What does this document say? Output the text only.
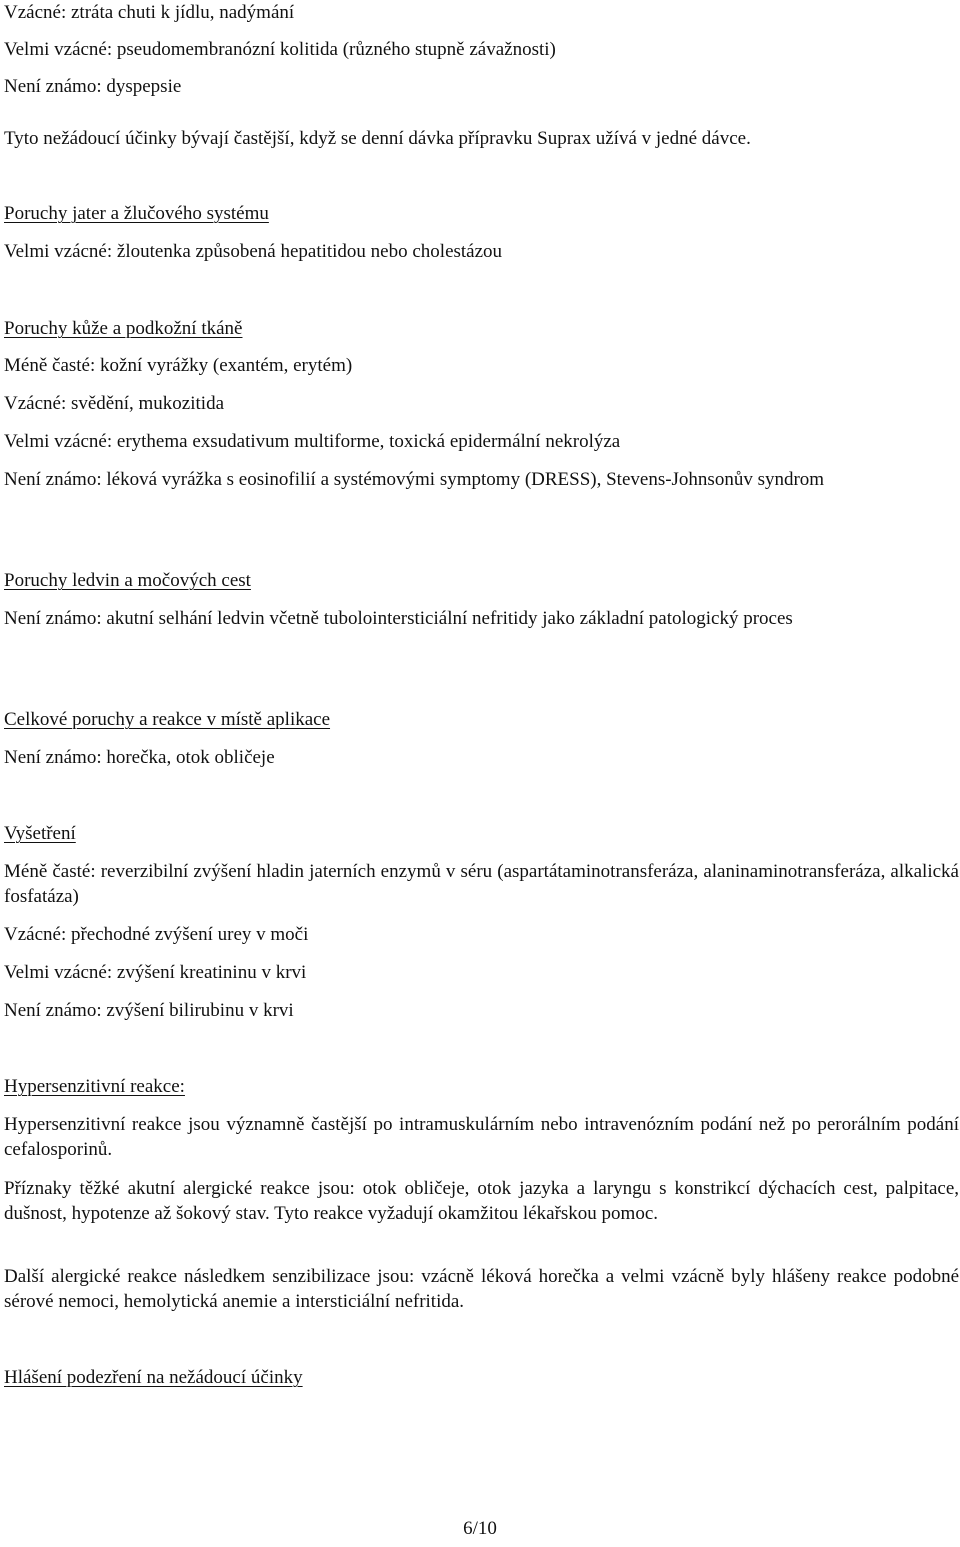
Vzácné: ztráta chuti k jídlu, nadýmání
Velmi vzácné: pseudomembranózní kolitida (různého stupně závažnosti)
Není známo: dyspepsie
Tyto nežádoucí účinky bývají častější, když se denní dávka přípravku Suprax užívá v jedné dávce.
Poruchy jater a žlučového systému
Velmi vzácné: žloutenka způsobená hepatitidou nebo cholestázou
Poruchy kůže a podkožní tkáně
Méně časté: kožní vyrážky (exantém, erytém)
Vzácné: svědění, mukozitida
Velmi vzácné: erythema exsudativum multiforme, toxická epidermální nekrolýza
Není známo: léková vyrážka s eosinofilií a systémovými symptomy (DRESS), Stevens-Johnsonův syndrom
Poruchy ledvin a močových cest
Není známo: akutní selhání ledvin včetně tubolointersticiální nefritidy jako základní patologický proces
Celkové poruchy a reakce v místě aplikace
Není známo: horečka, otok obličeje
Vyšetření
Méně časté: reverzibilní zvýšení hladin jaterních enzymů v séru (aspartátaminotransferáza, alaninaminotransferáza, alkalická fosfatáza)
Vzácné: přechodné zvýšení urey v moči
Velmi vzácné: zvýšení kreatininu v krvi
Není známo: zvýšení bilirubinu v krvi
Hypersenzitivní reakce:
Hypersenzitivní reakce jsou významně častější po intramuskulárním nebo intravenózním podání než po perorálním podání cefalosporinů.
Příznaky těžké akutní alergické reakce jsou: otok obličeje, otok jazyka a laryngu s konstrikcí dýchacích cest, palpitace, dušnost, hypotenze až šokový stav. Tyto reakce vyžadují okamžitou lékařskou pomoc.
Další alergické reakce následkem senzibilizace jsou: vzácně léková horečka a velmi vzácně byly hlášeny reakce podobné sérové nemoci, hemolytická anemie a intersticiální nefritida.
Hlášení podezření na nežádoucí účinky
6/10
